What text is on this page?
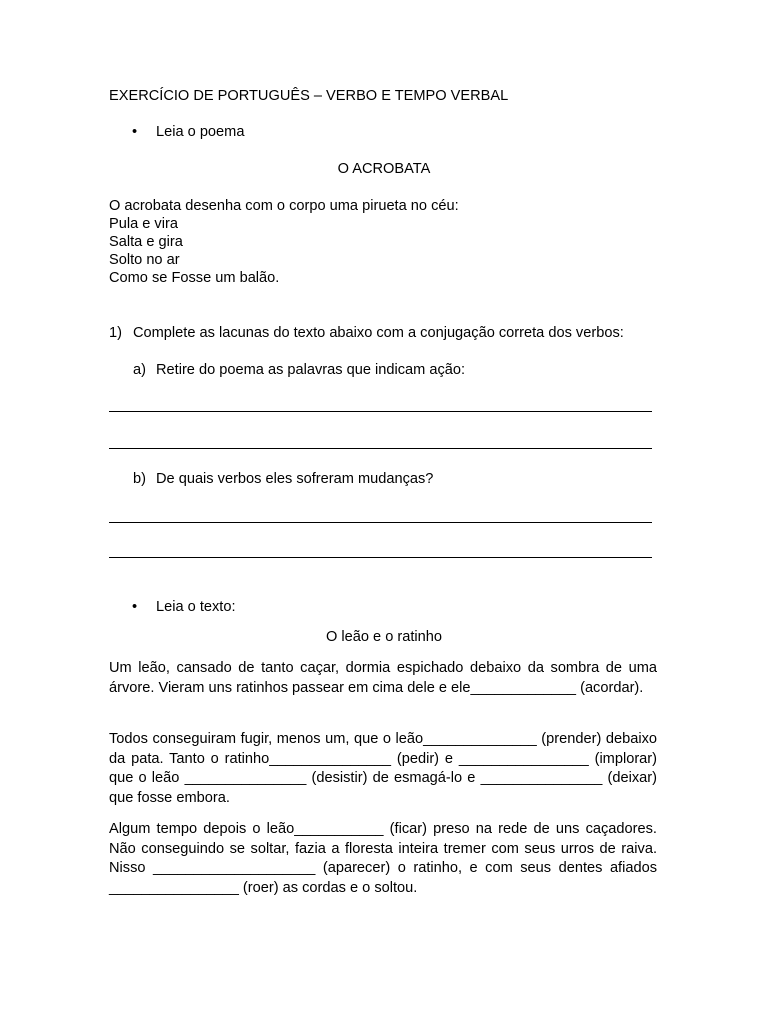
EXERCÍCIO DE PORTUGUÊS – VERBO E TEMPO VERBAL
• Leia o poema
O ACROBATA
O acrobata desenha com o corpo uma pirueta no céu:
Pula e vira
Salta e gira
Solto no ar
Como se Fosse um balão.
1) Complete as lacunas do texto abaixo com a conjugação correta dos verbos:
a) Retire do poema as palavras que indicam ação:
b) De quais verbos eles sofreram mudanças?
• Leia o texto:
O leão e o ratinho
Um leão, cansado de tanto caçar, dormia espichado debaixo da sombra de uma árvore. Vieram uns ratinhos passear em cima dele e ele_____________ (acordar).
Todos conseguiram fugir, menos um, que o leão______________ (prender) debaixo da pata. Tanto o ratinho_______________ (pedir) e ________________ (implorar) que o leão _______________ (desistir) de esmagá-lo e _______________ (deixar) que fosse embora.
Algum tempo depois o leão___________ (ficar) preso na rede de uns caçadores. Não conseguindo se soltar, fazia a floresta inteira tremer com seus urros de raiva. Nisso ____________________ (aparecer) o ratinho, e com seus dentes afiados ________________ (roer) as cordas e o soltou.
